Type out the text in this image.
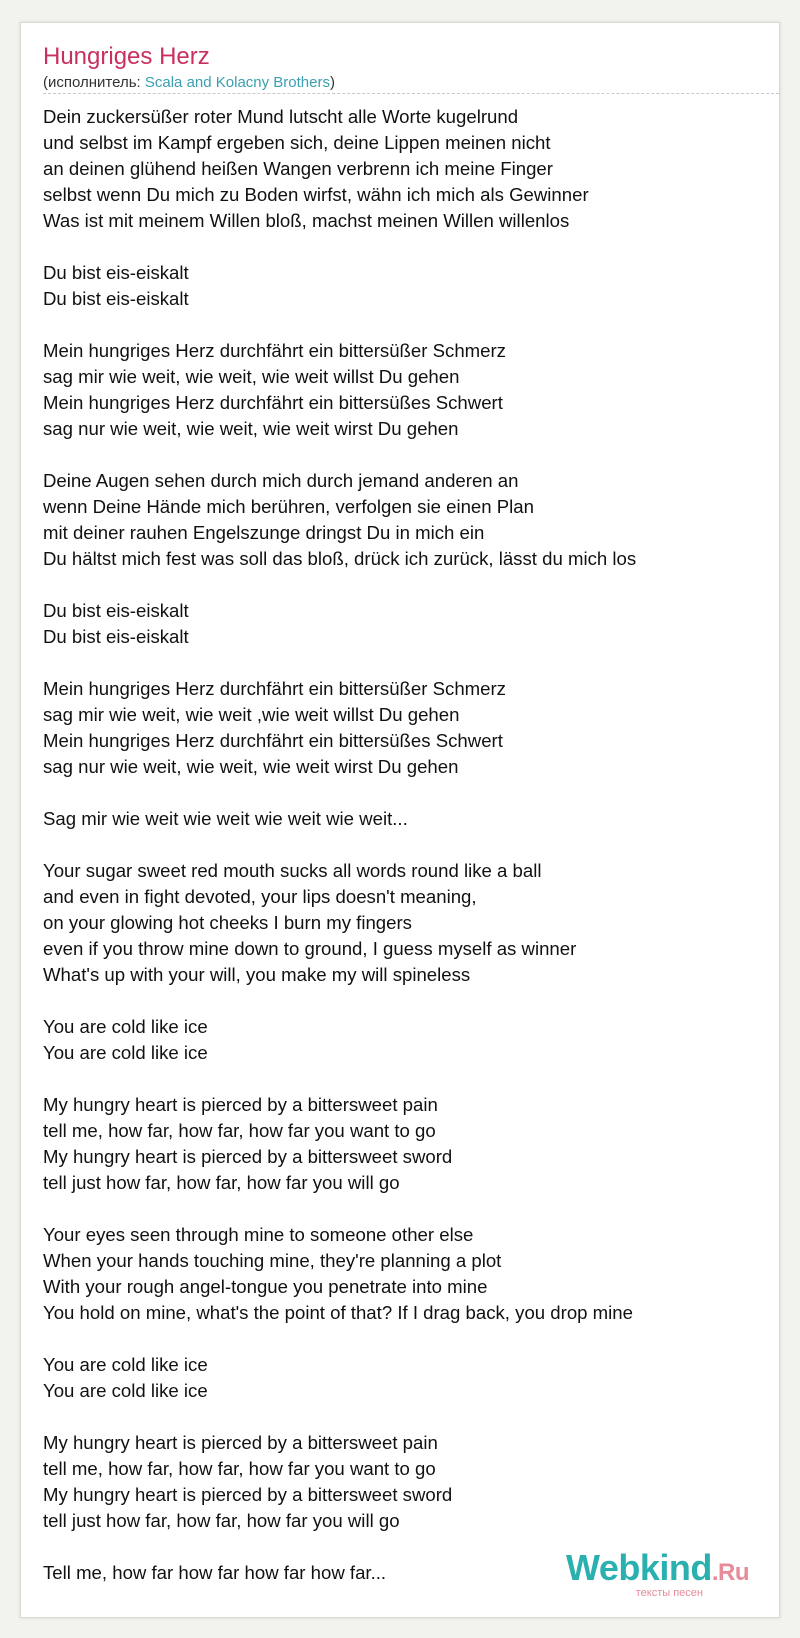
Hungriges Herz
(исполнитель: Scala and Kolacny Brothers)
Dein zuckersüßer roter Mund lutscht alle Worte kugelrund
und selbst im Kampf ergeben sich, deine Lippen meinen nicht
an deinen glühend heißen Wangen verbrenn ich meine Finger
selbst wenn Du mich zu Boden wirfst, wähn ich mich als Gewinner
Was ist mit meinem Willen bloß, machst meinen Willen willenlos
Du bist eis-eiskalt
Du bist eis-eiskalt
Mein hungriges Herz durchfährt ein bittersüßer Schmerz
sag mir wie weit, wie weit, wie weit willst Du gehen
Mein hungriges Herz durchfährt ein bittersüßes Schwert
sag nur wie weit, wie weit, wie weit wirst Du gehen
Deine Augen sehen durch mich durch jemand anderen an
wenn Deine Hände mich berühren, verfolgen sie einen Plan
mit deiner rauhen Engelszunge dringst Du in mich ein
Du hältst mich fest was soll das bloß, drück ich zurück, lässt du mich los
Du bist eis-eiskalt
Du bist eis-eiskalt
Mein hungriges Herz durchfährt ein bittersüßer Schmerz
sag mir wie weit, wie weit ,wie weit willst Du gehen
Mein hungriges Herz durchfährt ein bittersüßes Schwert
sag nur wie weit, wie weit, wie weit wirst Du gehen
Sag mir wie weit wie weit wie weit wie weit...
Your sugar sweet red mouth sucks all words round like a ball
and even in fight devoted, your lips doesn't meaning,
on your glowing hot cheeks I burn my fingers
even if you throw mine down to ground, I guess myself as winner
What's up with your will, you make my will spineless
You are cold like ice
You are cold like ice
My hungry heart is pierced by a bittersweet pain
tell me, how far, how far, how far you want to go
My hungry heart is pierced by a bittersweet sword
tell just how far, how far, how far you will go
Your eyes seen through mine to someone other else
When your hands touching mine, they're planning a plot
With your rough angel-tongue you penetrate into mine
You hold on mine, what's the point of that? If I drag back, you drop mine
You are cold like ice
You are cold like ice
My hungry heart is pierced by a bittersweet pain
tell me, how far, how far, how far you want to go
My hungry heart is pierced by a bittersweet sword
tell just how far, how far, how far you will go
Tell me, how far how far how far how far...	Webkind.Ru
тексты песен
